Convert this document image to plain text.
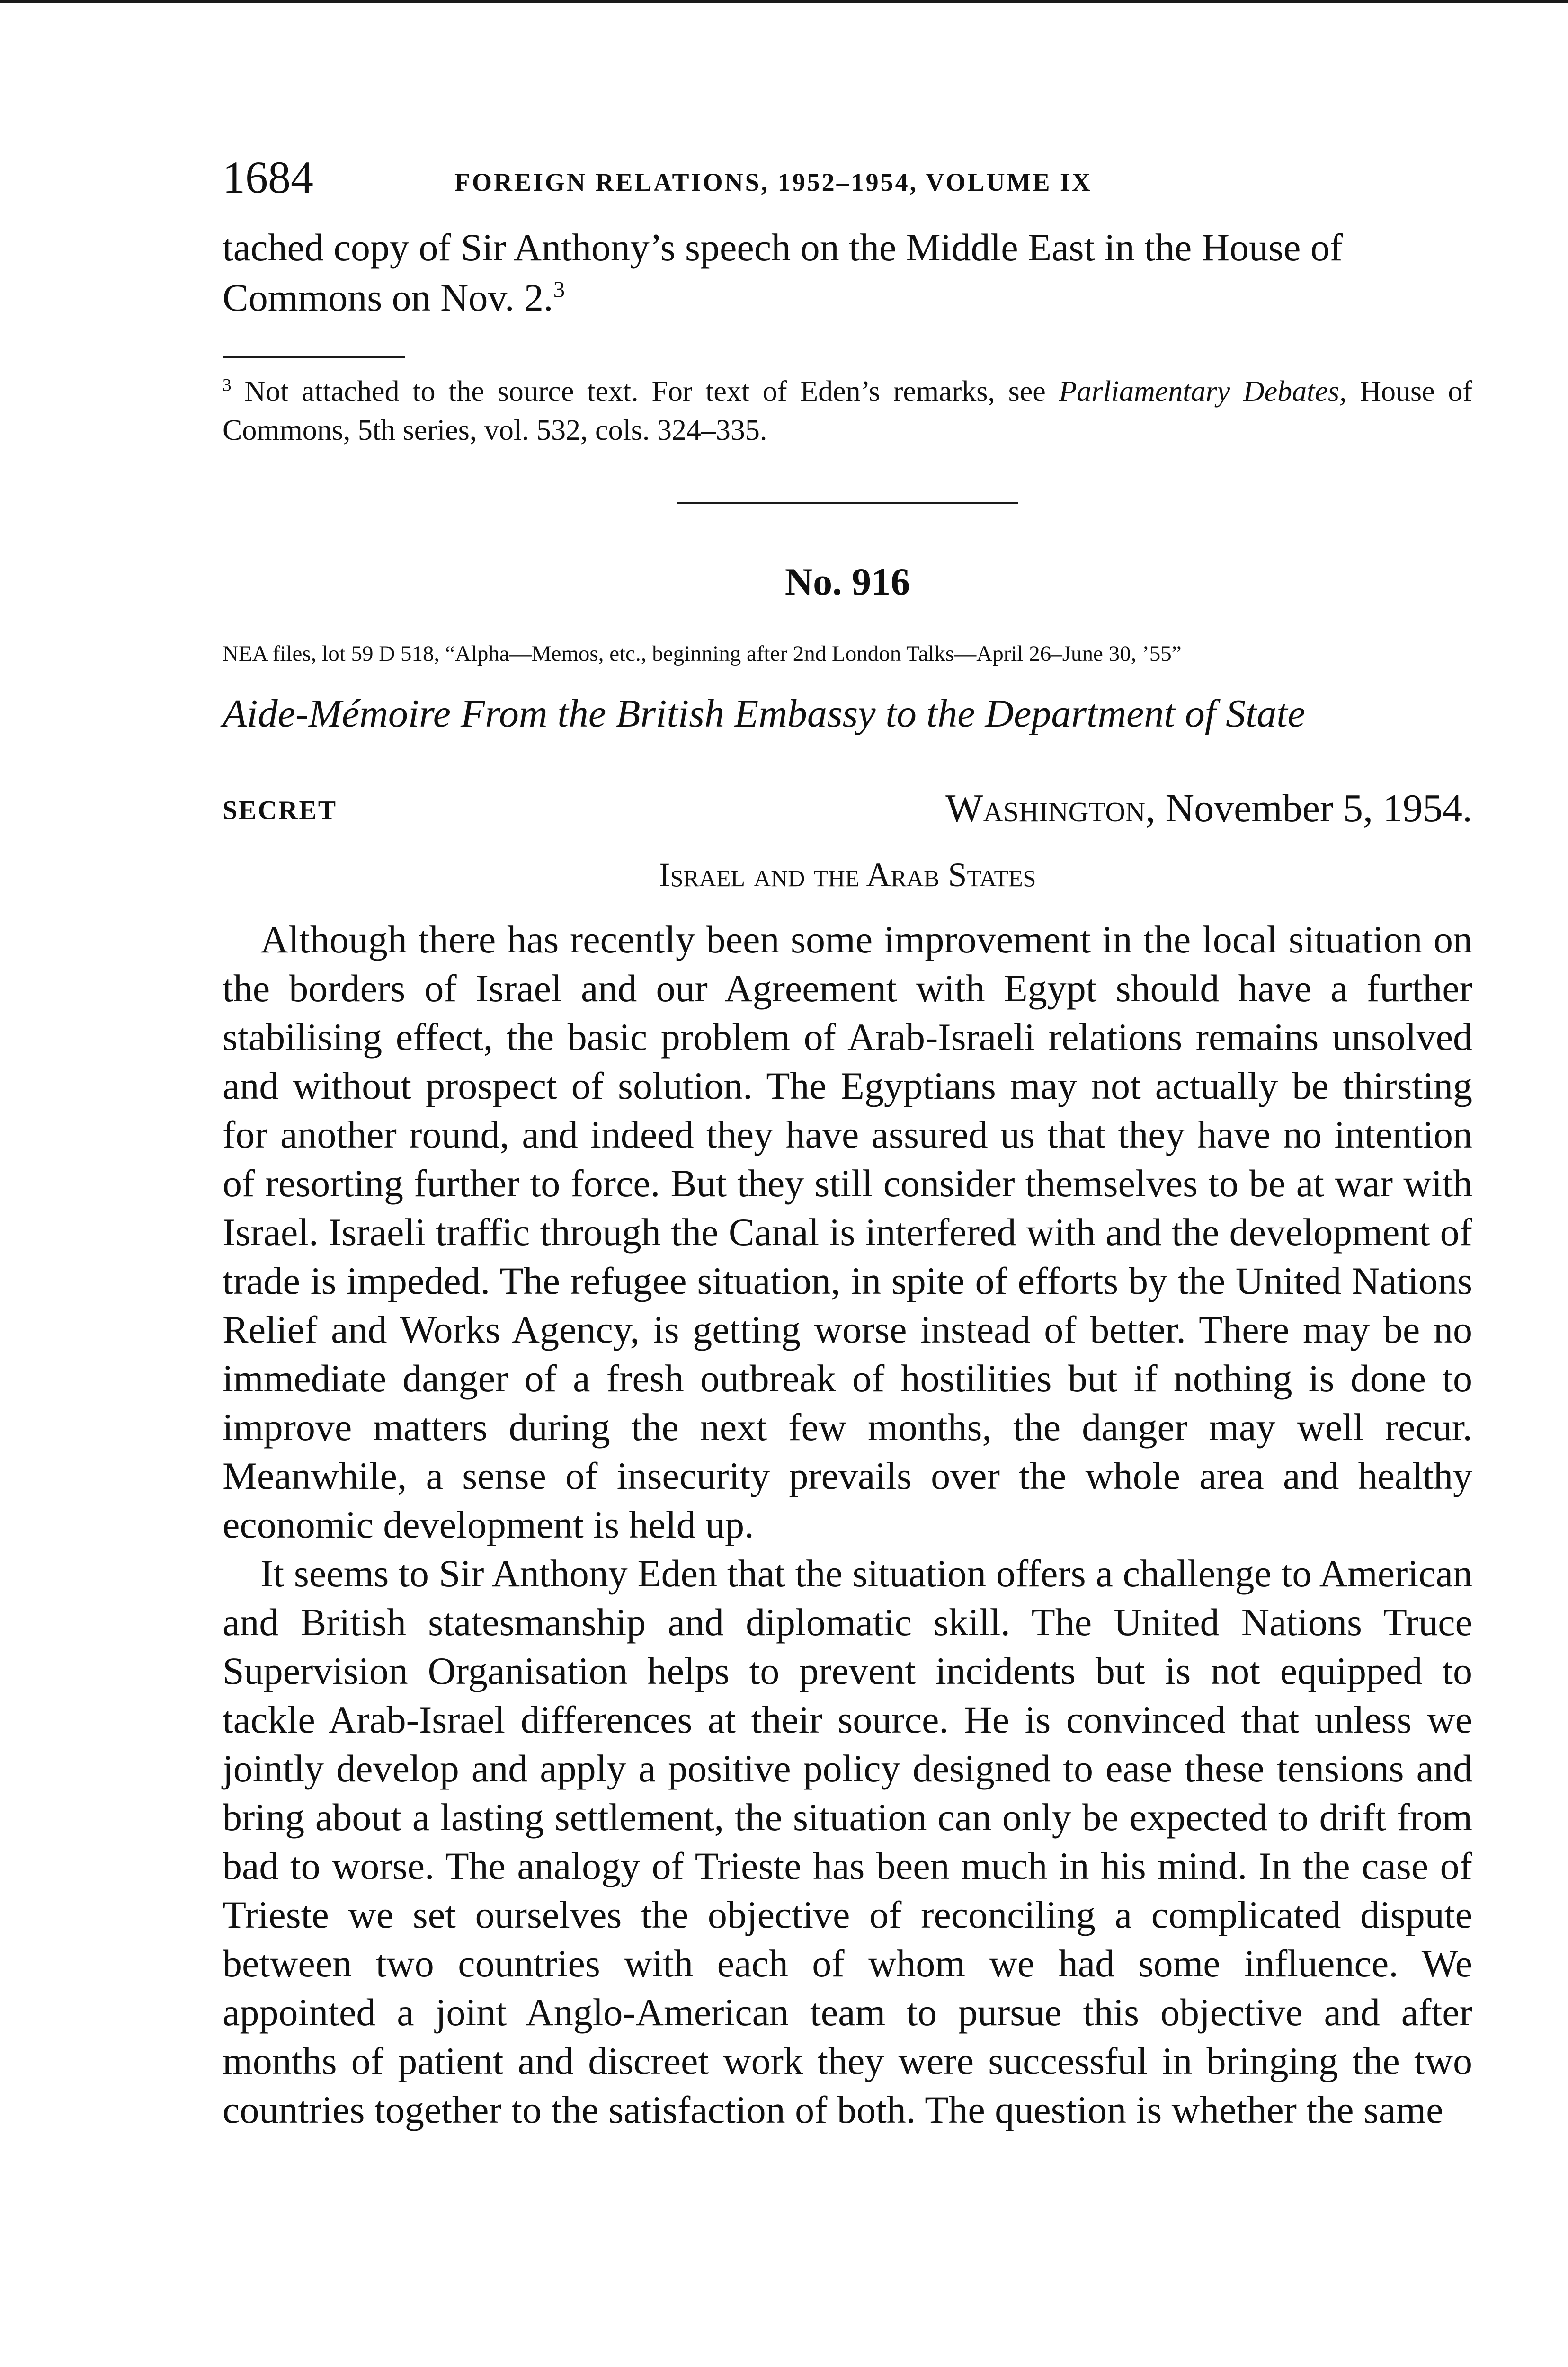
1684	FOREIGN RELATIONS, 1952–1954, VOLUME IX
tached copy of Sir Anthony’s speech on the Middle East in the House of Commons on Nov. 2.$^3$
$^3$ Not attached to the source text. For text of Eden’s remarks, see Parliamentary Debates, House of Commons, 5th series, vol. 532, cols. 324–335.
No. 916
NEA files, lot 59 D 518, “Alpha—Memos, etc., beginning after 2nd London Talks—April 26–June 30, ’55”
Aide-Mémoire From the British Embassy to the Department of State
SECRET	Washington, November 5, 1954.
Israel and the Arab States

Although there has recently been some improvement in the local situation on the borders of Israel and our Agreement with Egypt should have a further stabilising effect, the basic problem of Arab-Israeli relations remains unsolved and without prospect of solution. The Egyptians may not actually be thirsting for another round, and indeed they have assured us that they have no intention of resorting further to force. But they still consider themselves to be at war with Israel. Israeli traffic through the Canal is interfered with and the development of trade is impeded. The refugee situation, in spite of efforts by the United Nations Relief and Works Agency, is getting worse instead of better. There may be no immediate danger of a fresh outbreak of hostilities but if nothing is done to improve matters during the next few months, the danger may well recur. Meanwhile, a sense of insecurity prevails over the whole area and healthy economic development is held up.

It seems to Sir Anthony Eden that the situation offers a challenge to American and British statesmanship and diplomatic skill. The United Nations Truce Supervision Organisation helps to prevent incidents but is not equipped to tackle Arab-Israel differences at their source. He is convinced that unless we jointly develop and apply a positive policy designed to ease these tensions and bring about a lasting settlement, the situation can only be expected to drift from bad to worse. The analogy of Trieste has been much in his mind. In the case of Trieste we set ourselves the objective of reconciling a complicated dispute between two countries with each of whom we had some influence. We appointed a joint Anglo-American team to pursue this objective and after months of patient and discreet work they were successful in bringing the two countries together to the satisfaction of both. The question is whether the same
